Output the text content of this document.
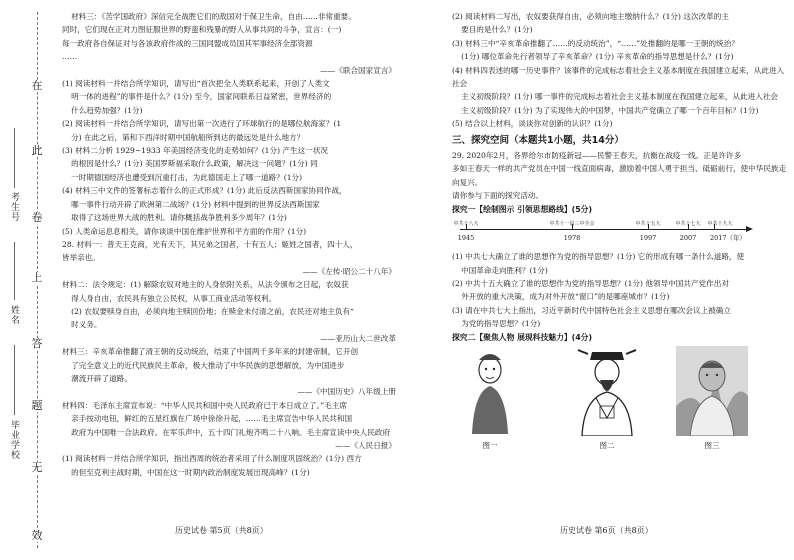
在
此
卷
上
答
题
无
效
考生号
姓名
毕业学校

材料三：《苦学国政府》深信完全战胜它们的敌国对于保卫生命、自由……非常重要。

同时，它们现在正对力图征服世界的野蛮和残暴的野人从事共同的斗争，宣言：(一)

每一政府各自保证对与各该政府作战的三国同盟成员国其军事经济全部资源

……

——《联合国家宣言》

(1) 阅读材料一并结合所学知识，请写出“首次把全人类联系起来，开创了人类文

明一体的进程”的事件是什么？(1分) 至今，国家间联系日益紧密，世界经济的

什么趋势加强？(1分)

(2) 阅读材料一并结合所学知识，请写出第一次进行了环球航行的是哪位航海家？(1

分) 在此之后，第和下西洋时期中国航船所到达的最远处是什么地方？

(3) 材料二分析 1929~1933 年美国经济变化的走势如何？(1分) 产生这一状况

的根因是什么？(1分) 美国罗斯福采取什么政策，解决这一问题？(1分) 同

一时期德国经济也遭受到沉重打击，为此德国走上了哪一道路？(1分)

(4) 材料三中文件的签署标志着什么的正式形成？(1分) 此后反法西斯国家协同作战，

哪一事件行动开辟了欧洲第二战场？(1分) 材料中提到的世界反法西斯国家

取得了这场世界大战的胜利。请你概括战争胜利多少周年？(1分)

(5) 人类命运息息相关，请你谈谈中国在维护世界和平方面的作用？(1分)

28. 材料一：普天王克商，光有天下，其兄弟之国者，十有五人；姬姓之国者，四十人，

皆举亲也。

——《左传·昭公二十八年》

材料二：法令规定：(1) 解除农奴对地主的人身依附关系，从法令颁布之日起，农奴获

得人身自由，农民具有独立公民权，从事工商业活动等权利。

(2) 农奴要赎身自由，必须向地主赎回份地；在赎金未付清之前，农民还对地主负有“

时义务。

——亚历山大二世改革

材料三：辛亥革命推翻了清王朝的反动统治，结束了中国两千多年来的封建帝制，它开创

了完全意义上的近代民族民主革命，极大推动了中华民族的思想解放，为中国进步

潮流开辟了道路。

——《中国历史》八年级上册

材料四：毛泽东主席宣布说：“中华人民共和国中央人民政府已于本日成立了。”毛主席

亲手按动电钮，鲜红的五星红旗在广场中徐徐升起，……毛主席宣告中华人民共和国

政府为中国唯一合法政府。在军乐声中，五十四门礼炮齐鸣二十八响。毛主席宣读中央人民政府

——《人民日报》

(1) 阅读材料一并结合所学知识，指出西周的统治者采用了什么制度巩固统治？(1分) 西方

的但至克利主战时期，中国在这一时期内政治制度发展出现高峰？(1分)

历史试卷 第5页（共8页）

(2) 阅读材料二写出，农奴要获得自由，必须向地主缴纳什么？(1分) 这次改革的主

要目的是什么？(1分)

(3) 材料三中“辛亥革命推翻了……的反动统治”，“……”处推翻的是哪一王朝的统治？

(1分) 哪位革命先行者领导了辛亥革命？(1分) 辛亥革命的指导思想是什么？(1分)

(4) 材料四表述的哪一历史事件？该事件的完成标志着社会主义基本制度在我国建立起来，从此进入社会

主义初级阶段？(1分) 哪一事件的完成标志着社会主义基本制度在我国建立起来，从此进入社会

主义初级阶段？(1分) 为了实现伟大的中国梦，中国共产党确立了哪一个百年目标？(1分)

(5) 结合以上材料，谈谈你对创新的认识？(1分)

三、探究空间（本题共1小题，共14分）

29. 2020年2月，各界给尔市防疫新冠——民警王春天，抗衡在战疫一线。正是许许多

多如王春天一样的共产党员在中国一线直面病毒，激励着中国人勇于担当、砥砺前行，使中华民族走向复兴。

请你参与下面的探究活动。

探究一【绘制图示 引领思想路线】(5分)

中共十八大	中共十一届三中全会	中共十五大	中共十七大 中共十九大
1945	1978	1997	2007 2017（年）

(1) 中共七大确立了谁的思想作为党的指导思想？(1分) 它的形成有哪一条什么道路，使

中国革命走向胜利？(1分)

(2) 中共十五大确立了谁的思想作为党的指导思想？(1分) 他领导中国共产党作出对

外开放的重大决策，成为对外开放“窗口”的是哪座城市？(1分)

(3) 请在中共七大上指出，习近平新时代中国特色社会主义思想在哪次会议上被确立

为党的指导思想？(1分)

探究二【聚焦人物 展现科技魅力】(4分)

图一	图二	图三
历史试卷 第6页（共8页）
